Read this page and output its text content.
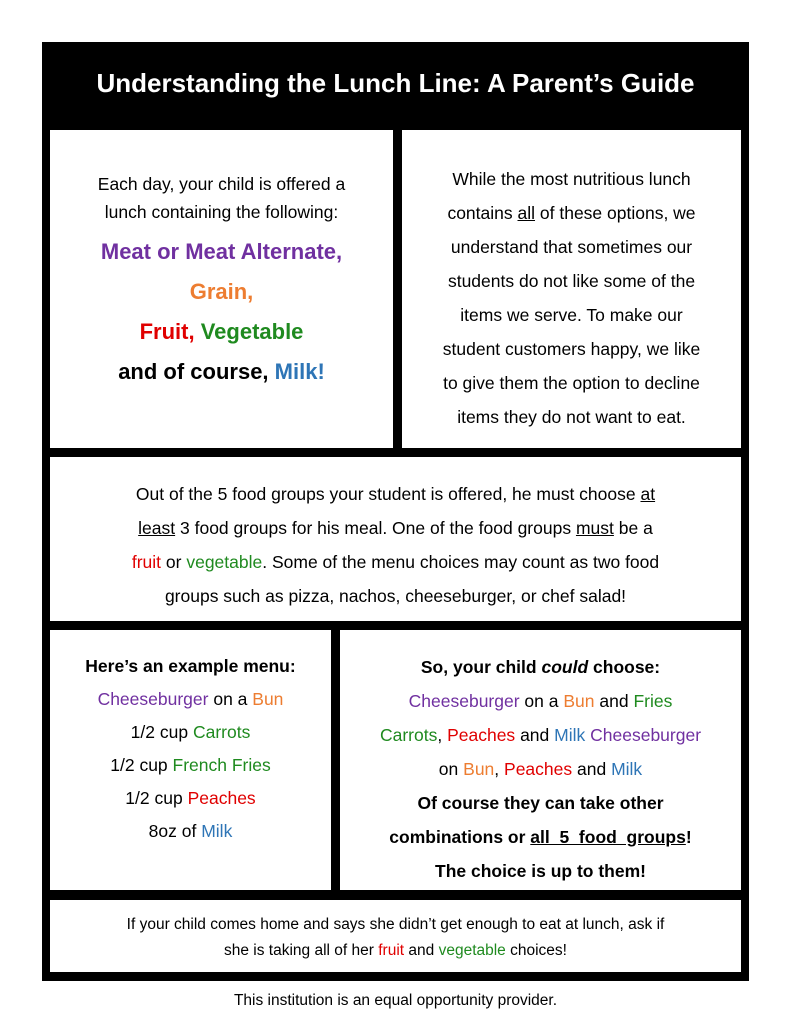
Understanding the Lunch Line: A Parent’s Guide
Each day, your child is offered a
lunch containing the following:
Meat or Meat Alternate,
Grain,
Fruit, Vegetable
and of course, Milk!
While the most nutritious lunch
contains all of these options, we
understand that sometimes our
students do not like some of the
items we serve. To make our
student customers happy, we like
to give them the option to decline
items they do not want to eat.
Out of the 5 food groups your student is offered, he must choose at
least 3 food groups for his meal. One of the food groups must be a
fruit or vegetable. Some of the menu choices may count as two food
groups such as pizza, nachos, cheeseburger, or chef salad!
Here’s an example menu:
Cheeseburger on a Bun
1/2 cup Carrots
1/2 cup French Fries
1/2 cup Peaches
8oz of Milk
So, your child could choose:
Cheeseburger on a Bun and Fries
Carrots, Peaches and Milk Cheeseburger
on Bun, Peaches and Milk
Of course they can take other
combinations or all  5  food  groups!
The choice is up to them!
If your child comes home and says she didn’t get enough to eat at lunch, ask if
she is taking all of her fruit and vegetable choices!
This institution is an equal opportunity provider.
